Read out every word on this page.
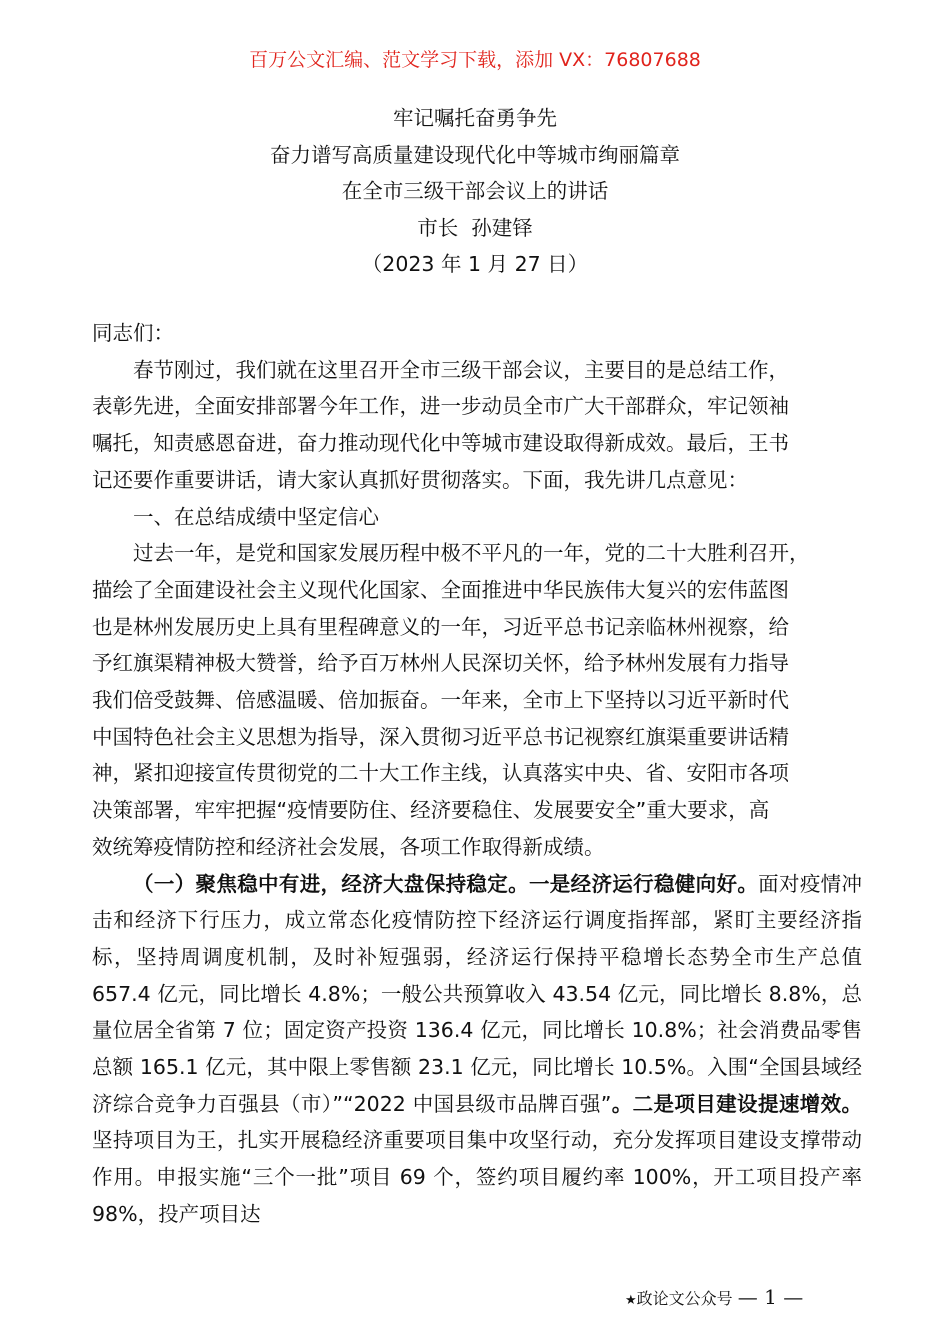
百万公文汇编、范文学习下载，添加 VX：76807688
牢记嘱托奋勇争先
奋力谱写高质量建设现代化中等城市绚丽篇章
在全市三级干部会议上的讲话
市长  孙建铎
（2023 年 1 月 27 日）

同志们：

春节刚过，我们就在这里召开全市三级干部会议，主要目的是总结工作，

表彰先进，全面安排部署今年工作，进一步动员全市广大干部群众，牢记领袖

嘱托，知责感恩奋进，奋力推动现代化中等城市建设取得新成效。最后，王书

记还要作重要讲话，请大家认真抓好贯彻落实。下面，我先讲几点意见：

一、在总结成绩中坚定信心

过去一年，是党和国家发展历程中极不平凡的一年，党的二十大胜利召开，

描绘了全面建设社会主义现代化国家、全面推进中华民族伟大复兴的宏伟蓝图

也是林州发展历史上具有里程碑意义的一年，习近平总书记亲临林州视察，给

予红旗渠精神极大赞誉，给予百万林州人民深切关怀，给予林州发展有力指导

我们倍受鼓舞、倍感温暖、倍加振奋。一年来，全市上下坚持以习近平新时代

中国特色社会主义思想为指导，深入贯彻习近平总书记视察红旗渠重要讲话精

神，紧扣迎接宣传贯彻党的二十大工作主线，认真落实中央、省、安阳市各项

决策部署，牢牢把握“疫情要防住、经济要稳住、发展要安全”重大要求，高

效统筹疫情防控和经济社会发展，各项工作取得新成绩。

（一）聚焦稳中有进，经济大盘保持稳定。一是经济运行稳健向好。面对疫情冲击和经济下行压力，成立常态化疫情防控下经济运行调度指挥部，紧盯主要经济指标，坚持周调度机制，及时补短强弱，经济运行保持平稳增长态势全市生产总值 657.4 亿元，同比增长 4.8%；一般公共预算收入 43.54 亿元，同比增长 8.8%，总量位居全省第 7 位；固定资产投资 136.4 亿元，同比增长 10.8%；社会消费品零售总额 165.1 亿元，其中限上零售额 23.1 亿元，同比增长 10.5%。入围“全国县域经济综合竞争力百强县（市）”“2022 中国县级市品牌百强”。二是项目建设提速增效。坚持项目为王，扎实开展稳经济重要项目集中攻坚行动，充分发挥项目建设支撑带动作用。申报实施“三个一批”项目 69 个，签约项目履约率 100%，开工项目投产率 98%，投产项目达

★政论文公众号 — 1 —
